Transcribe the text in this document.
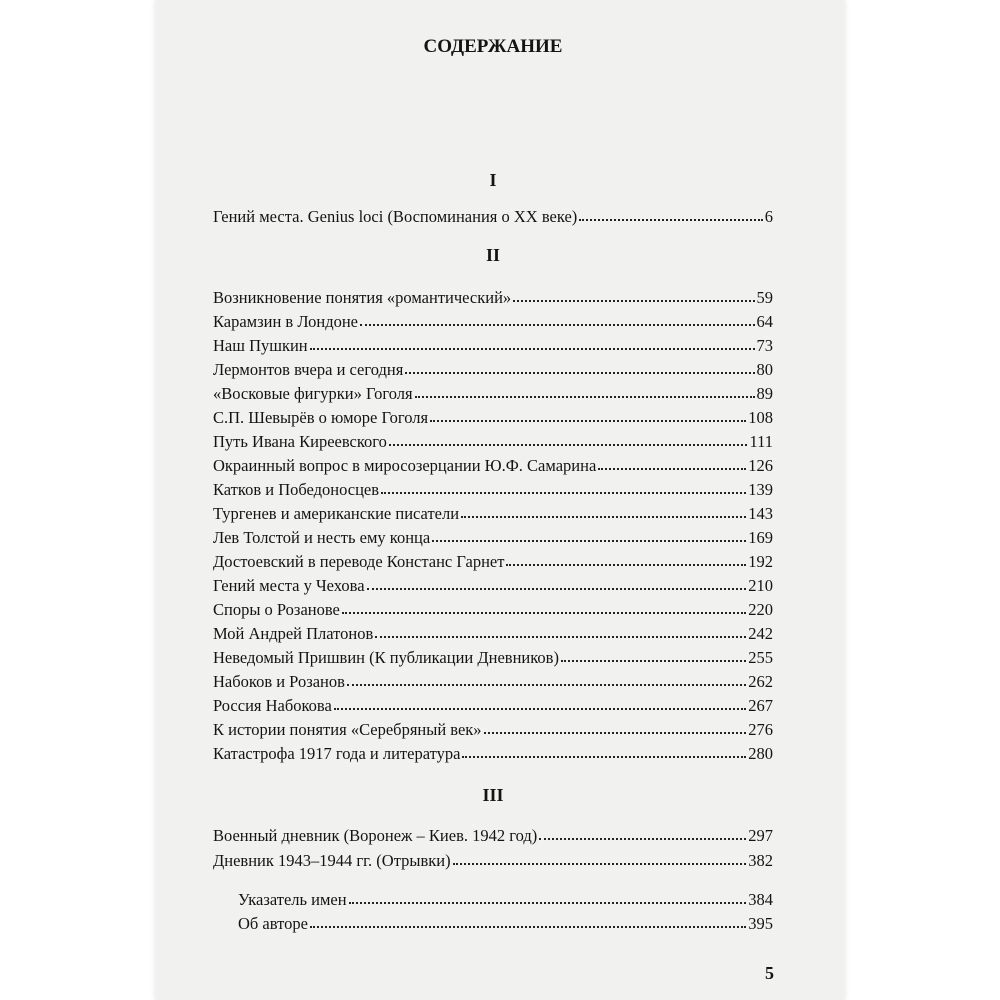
СОДЕРЖАНИЕ
I
Гений места. Genius loci (Воспоминания о XX веке)	6
II
Возникновение понятия «романтический»	59
Карамзин в Лондоне	64
Наш Пушкин	73
Лермонтов вчера и сегодня	80
«Восковые фигурки» Гоголя	89
С.П. Шевырёв о юморе Гоголя	108
Путь Ивана Киреевского	111
Окраинный вопрос в миросозерцании Ю.Ф. Самарина	126
Катков и Победоносцев	139
Тургенев и американские писатели	143
Лев Толстой и несть ему конца	169
Достоевский в переводе Констанс Гарнет	192
Гений места у Чехова	210
Споры о Розанове	220
Мой Андрей Платонов	242
Неведомый Пришвин (К публикации Дневников)	255
Набоков и Розанов	262
Россия Набокова	267
К истории понятия «Серебряный век»	276
Катастрофа 1917 года и литература	280
III
Военный дневник (Воронеж – Киев. 1942 год)	297
Дневник 1943–1944 гг. (Отрывки)	382
Указатель имен	384
Об авторе	395
5
